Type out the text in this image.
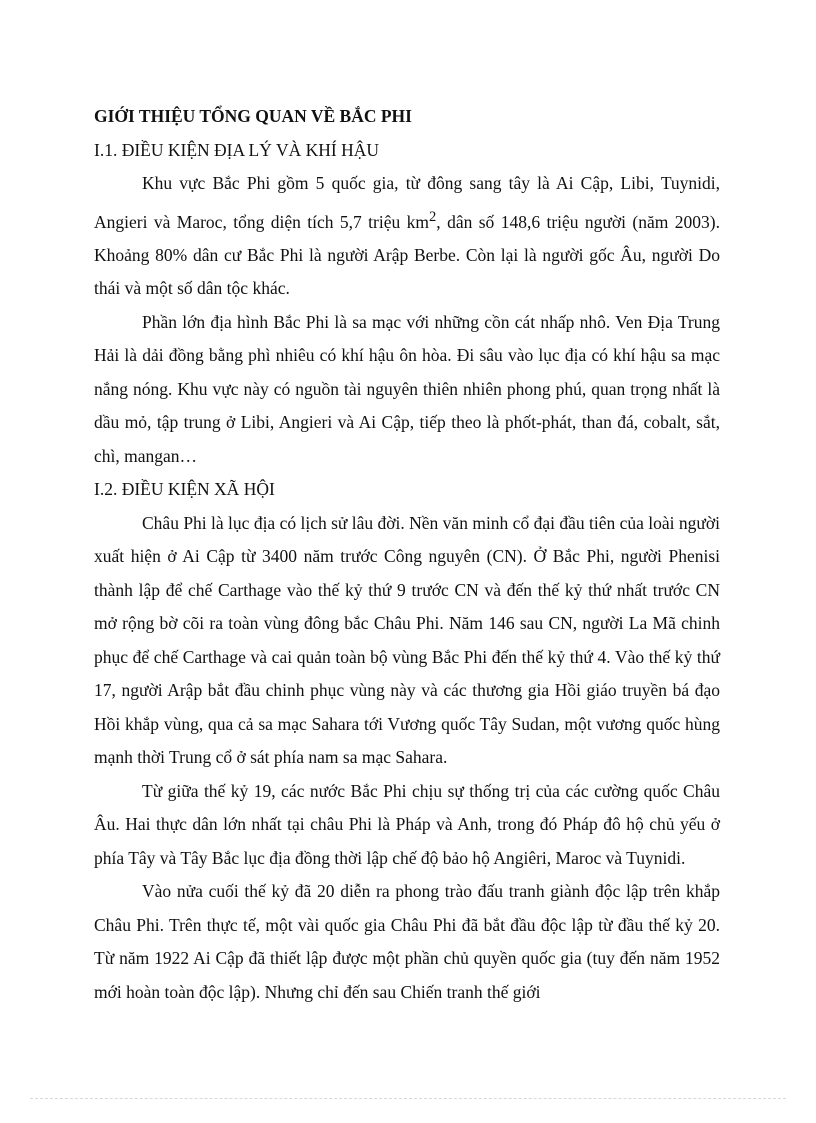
GIỚI THIỆU TỔNG QUAN VỀ BẮC PHI

I.1. ĐIỀU KIỆN ĐỊA LÝ VÀ KHÍ HẬU

Khu vực Bắc Phi gồm 5 quốc gia, từ đông sang tây là Ai Cập, Libi, Tuynidi, Angieri và Maroc, tổng diện tích 5,7 triệu $km^2$, dân số 148,6 triệu người (năm 2003). Khoảng 80% dân cư Bắc Phi là người Arập Berbe. Còn lại là người gốc Âu, người Do thái và một số dân tộc khác.

Phần lớn địa hình Bắc Phi là sa mạc với những cồn cát nhấp nhô. Ven Địa Trung Hải là dải đồng bằng phì nhiêu có khí hậu ôn hòa. Đi sâu vào lục địa có khí hậu sa mạc nắng nóng. Khu vực này có nguồn tài nguyên thiên nhiên phong phú, quan trọng nhất là dầu mỏ, tập trung ở Libi, Angieri và Ai Cập, tiếp theo là phốt-phát, than đá, cobalt, sắt, chì, mangan…

I.2. ĐIỀU KIỆN XÃ HỘI

Châu Phi là lục địa có lịch sử lâu đời. Nền văn minh cổ đại đầu tiên của loài người xuất hiện ở Ai Cập từ 3400 năm trước Công nguyên (CN). Ở Bắc Phi, người Phenisi thành lập để chế Carthage vào thế kỷ thứ 9 trước CN và đến thế kỷ thứ nhất trước CN mở rộng bờ cõi ra toàn vùng đông bắc Châu Phi. Năm 146 sau CN, người La Mã chinh phục để chế Carthage và cai quản toàn bộ vùng Bắc Phi đến thế kỷ thứ 4. Vào thế kỷ thứ 17, người Arập bắt đầu chinh phục vùng này và các thương gia Hồi giáo truyền bá đạo Hồi khắp vùng, qua cả sa mạc Sahara tới Vương quốc Tây Sudan, một vương quốc hùng mạnh thời Trung cổ ở sát phía nam sa mạc Sahara.

Từ giữa thế kỷ 19, các nước Bắc Phi chịu sự thống trị của các cường quốc Châu Âu. Hai thực dân lớn nhất tại châu Phi là Pháp và Anh, trong đó Pháp đô hộ chủ yếu ở phía Tây và Tây Bắc lục địa đồng thời lập chế độ bảo hộ Angiêri, Maroc và Tuynidi.

Vào nửa cuối thế kỷ đã 20 diễn ra phong trào đấu tranh giành độc lập trên khắp Châu Phi. Trên thực tế, một vài quốc gia Châu Phi đã bắt đầu độc lập từ đầu thế kỷ 20. Từ năm 1922 Ai Cập đã thiết lập được một phần chủ quyền quốc gia (tuy đến năm 1952 mới hoàn toàn độc lập). Nhưng chỉ đến sau Chiến tranh thế giới
